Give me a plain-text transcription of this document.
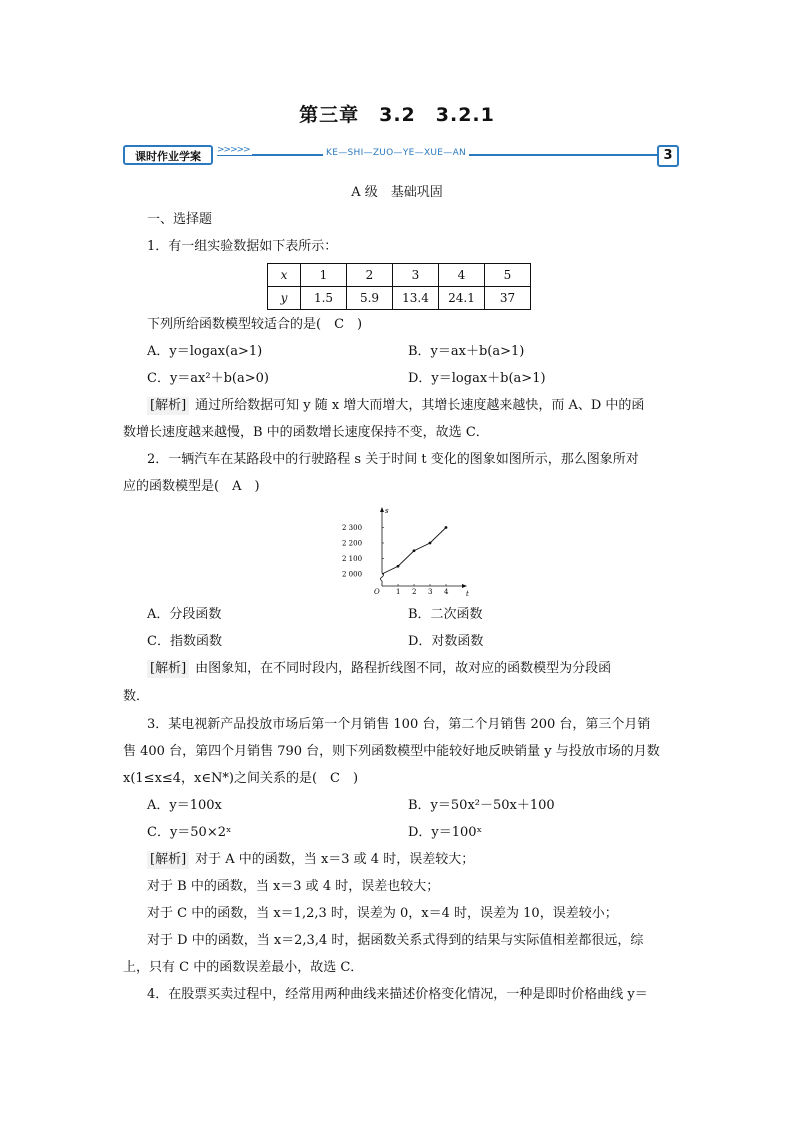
第三章　3.2　3.2.1
课时作业学案	>>>>>	KE—SHI—ZUO—YE—XUE—AN	3
A 级　基础巩固
一、选择题
1．有一组实验数据如下表所示：
x	1	2	3	4	5
y	1.5	5.9	13.4	24.1	37
下列所给函数模型较适合的是(　C　)
A．y＝logax(a>1)	B．y＝ax＋b(a>1)
C．y＝ax²＋b(a>0)	D．y＝logax＋b(a>1)
[解析] 通过所给数据可知 y 随 x 增大而增大，其增长速度越来越快，而 A、D 中的函
数增长速度越来越慢，B 中的函数增长速度保持不变，故选 C．
2．一辆汽车在某路段中的行驶路程 s 关于时间 t 变化的图象如图所示，那么图象所对
应的函数模型是(　A　)
s
t
O 1 2 3 4
2 000
2 100
2 200
2 300
A．分段函数	B．二次函数
C．指数函数	D．对数函数
[解析] 由图象知，在不同时段内，路程折线图不同，故对应的函数模型为分段函
数．
3．某电视新产品投放市场后第一个月销售 100 台，第二个月销售 200 台，第三个月销
售 400 台，第四个月销售 790 台，则下列函数模型中能较好地反映销量 y 与投放市场的月数
x(1≤x≤4，x∈N*)之间关系的是(　C　)
A．y＝100x	B．y＝50x²－50x＋100
C．y＝50×2ˣ	D．y＝100ˣ
[解析] 对于 A 中的函数，当 x＝3 或 4 时，误差较大；
对于 B 中的函数，当 x＝3 或 4 时，误差也较大；
对于 C 中的函数，当 x＝1,2,3 时，误差为 0，x＝4 时，误差为 10，误差较小；
对于 D 中的函数，当 x＝2,3,4 时，据函数关系式得到的结果与实际值相差都很远，综
上，只有 C 中的函数误差最小，故选 C．
4．在股票买卖过程中，经常用两种曲线来描述价格变化情况，一种是即时价格曲线 y＝
